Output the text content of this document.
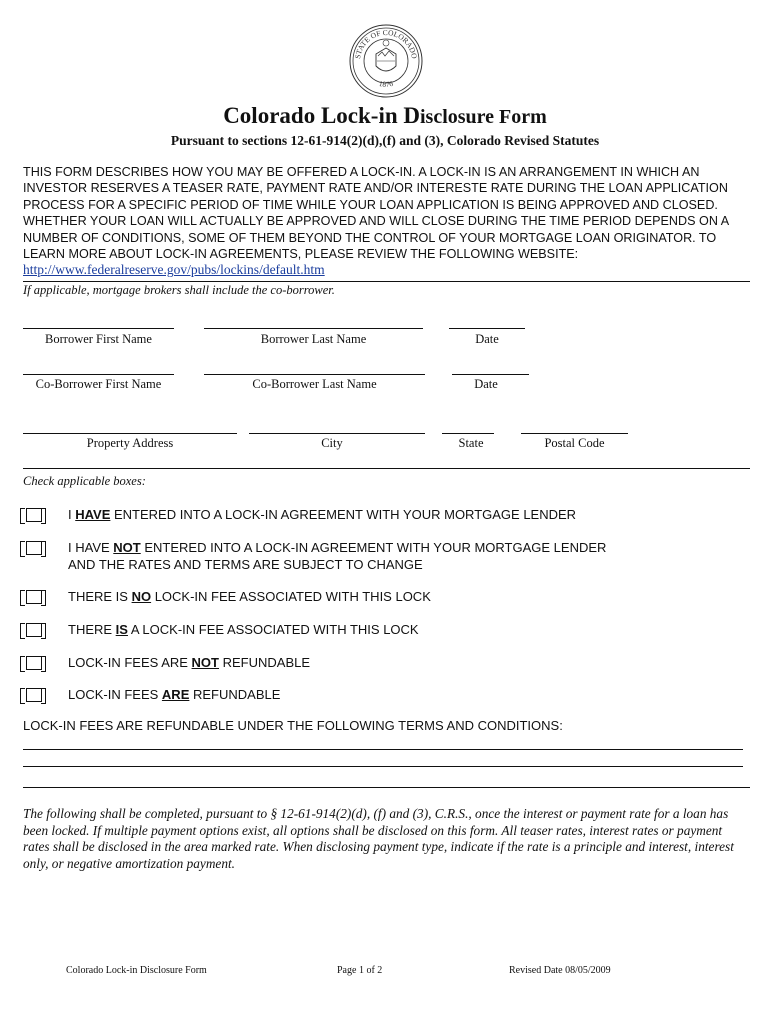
STATE OF COLORADO
1876
Colorado Lock-in Disclosure Form
Pursuant to sections 12-61-914(2)(d),(f) and (3), Colorado Revised Statutes
THIS FORM DESCRIBES HOW YOU MAY BE OFFERED A LOCK-IN. A LOCK-IN IS AN ARRANGEMENT IN WHICH AN INVESTOR RESERVES A TEASER RATE, PAYMENT RATE AND/OR INTERESTE RATE DURING THE LOAN APPLICATION PROCESS FOR A SPECIFIC PERIOD OF TIME WHILE YOUR LOAN APPLICATION IS BEING APPROVED AND CLOSED. WHETHER YOUR LOAN WILL ACTUALLY BE APPROVED AND WILL CLOSE DURING THE TIME PERIOD DEPENDS ON A NUMBER OF CONDITIONS, SOME OF THEM BEYOND THE CONTROL OF YOUR MORTGAGE LOAN ORIGINATOR. TO LEARN MORE ABOUT LOCK-IN AGREEMENTS, PLEASE REVIEW THE FOLLOWING WEBSITE: http://www.federalreserve.gov/pubs/lockins/default.htm
If applicable, mortgage brokers shall include the co-borrower.
Borrower First Name	Borrower Last Name	Date
Co-Borrower First Name	Co-Borrower Last Name	Date
Property Address	City	State	Postal Code
Check applicable boxes:
I HAVE ENTERED INTO A LOCK-IN AGREEMENT WITH YOUR MORTGAGE LENDER
I HAVE NOT ENTERED INTO A LOCK-IN AGREEMENT WITH YOUR MORTGAGE LENDER
AND THE RATES AND TERMS ARE SUBJECT TO CHANGE
THERE IS NO LOCK-IN FEE ASSOCIATED WITH THIS LOCK
THERE IS A LOCK-IN FEE ASSOCIATED WITH THIS LOCK
LOCK-IN FEES ARE NOT REFUNDABLE
LOCK-IN FEES ARE REFUNDABLE
LOCK-IN FEES ARE REFUNDABLE UNDER THE FOLLOWING TERMS AND CONDITIONS:
The following shall be completed, pursuant to § 12-61-914(2)(d), (f) and (3), C.R.S., once the interest or payment rate for a loan has been locked. If multiple payment options exist, all options shall be disclosed on this form. All teaser rates, interest rates or payment rates shall be disclosed in the area marked rate. When disclosing payment type, indicate if the rate is a principle and interest, interest only, or negative amortization payment.
Colorado Lock-in Disclosure Form	Page 1 of 2	Revised Date 08/05/2009
